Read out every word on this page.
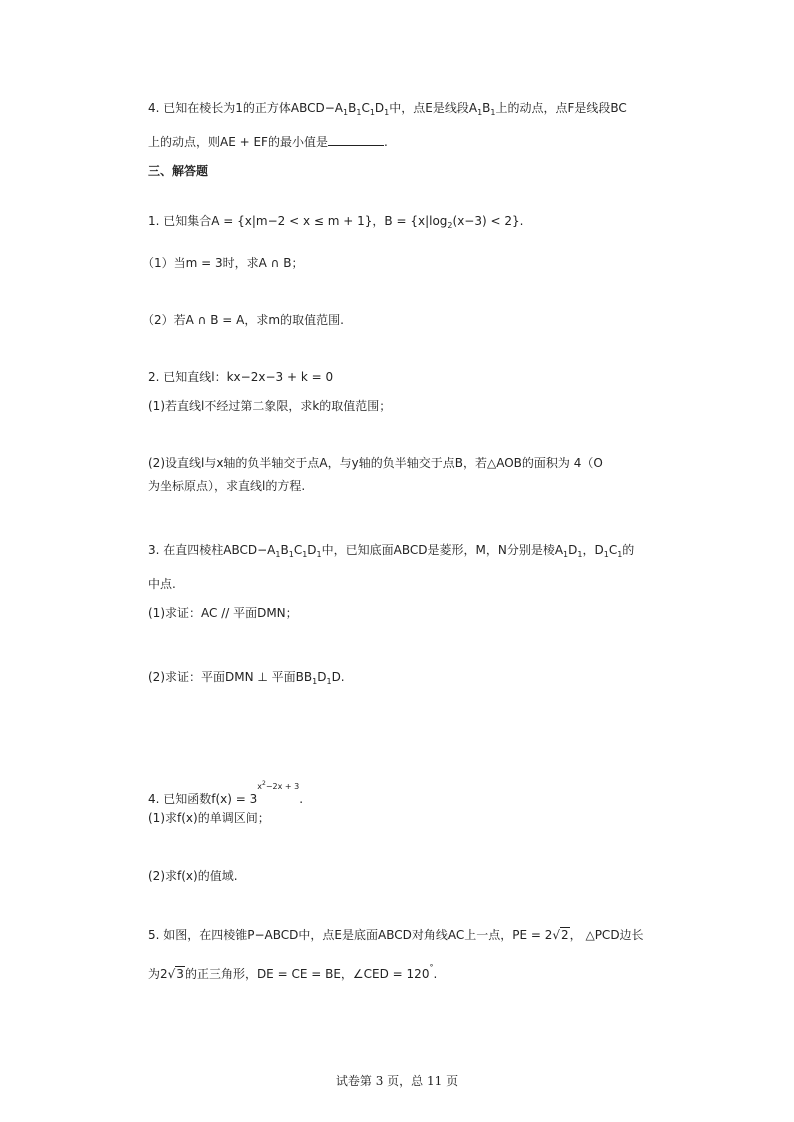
4. 已知在棱长为1的正方体$ABCD-A_1B_1C_1D_1$中，点E是线段$A_1B_1$上的动点，点F是线段BC
上的动点，则AE + EF的最小值是	.
三、解答题
1. 已知集合A = {x|m−2 < x ≤ m + 1}，$B = \{x|\log_2(x-3) < 2\}$.
（1）当m = 3时，求A ∩ B；
（2）若A ∩ B = A，求m的取值范围.
2. 已知直线l：kx−2x−3 + k = 0
(1)若直线l不经过第二象限，求k的取值范围；
(2)设直线l与x轴的负半轴交于点A，与y轴的负半轴交于点B，若△AOB的面积为 4（O
为坐标原点），求直线l的方程.
3. 在直四棱柱$ABCD-A_1B_1C_1D_1$中，已知底面ABCD是菱形，M，N分别是棱$A_1D_1$，$D_1C_1$的
中点.
(1)求证：AC // 平面DMN；
(2)求证：平面DMN ⊥ 平面$BB_1D_1D$.
4. 已知函数$f(x) = 3^{x^2-2x + 3}$.
(1)求f(x)的单调区间；
(2)求f(x)的值域.
5. 如图，在四棱锥P−ABCD中，点E是底面ABCD对角线AC上一点，PE = 2√2， △PCD边长
为2√3的正三角形，DE = CE = BE，∠CED = 120°.
试卷第 3 页，总 11 页
